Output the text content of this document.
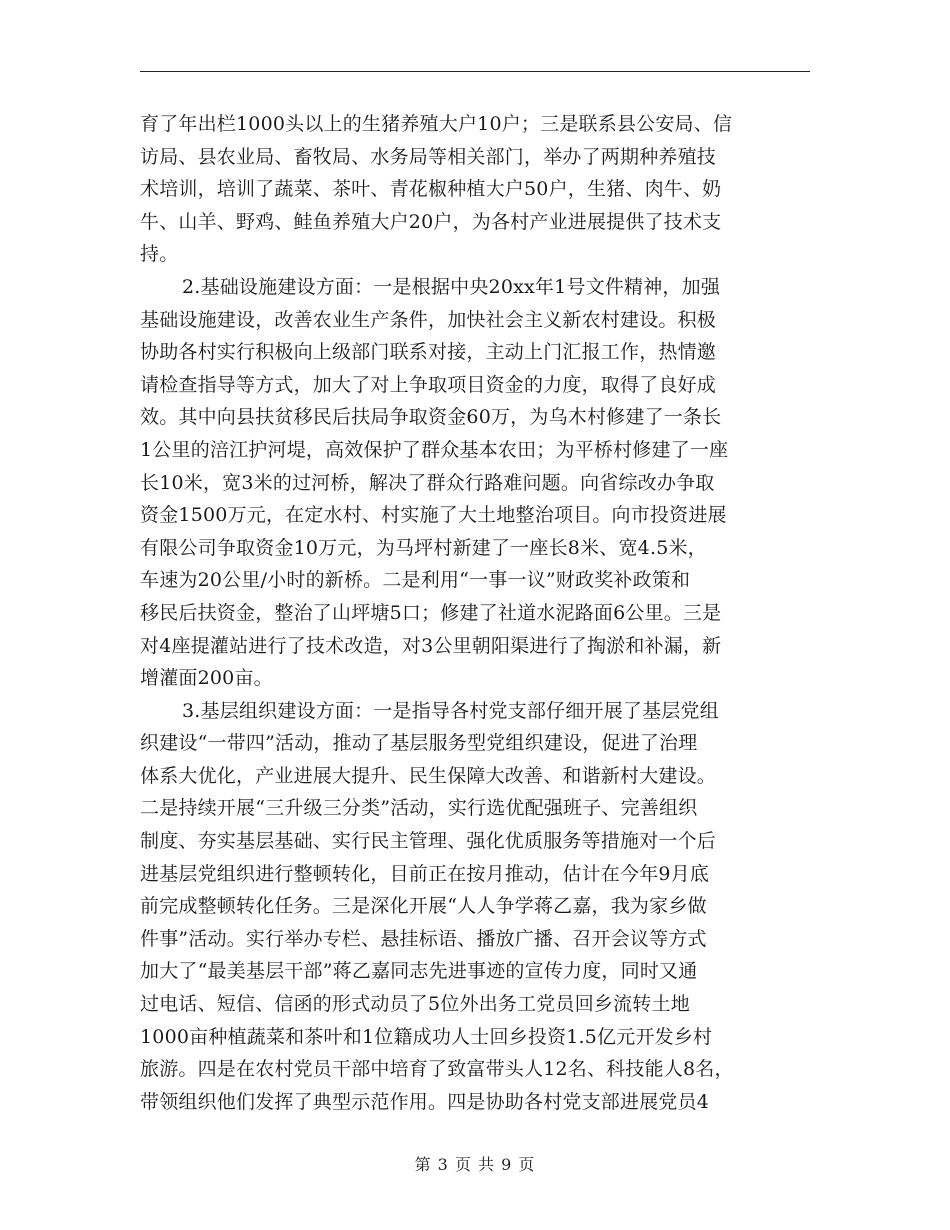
育了年出栏1000头以上的生猪养殖大户10户；三是联系县公安局、信
访局、县农业局、畜牧局、水务局等相关部门，举办了两期种养殖技
术培训，培训了蔬菜、茶叶、青花椒种植大户50户，生猪、肉牛、奶
牛、山羊、野鸡、鲑鱼养殖大户20户，为各村产业进展提供了技术支
持。
2.基础设施建设方面：一是根据中央20xx年1号文件精神，加强
基础设施建设，改善农业生产条件，加快社会主义新农村建设。积极
协助各村实行积极向上级部门联系对接，主动上门汇报工作，热情邀
请检查指导等方式，加大了对上争取项目资金的力度，取得了良好成
效。其中向县扶贫移民后扶局争取资金60万，为乌木村修建了一条长
1公里的涪江护河堤，高效保护了群众基本农田；为平桥村修建了一座
长10米，宽3米的过河桥，解决了群众行路难问题。向省综改办争取
资金1500万元，在定水村、村实施了大土地整治项目。向市投资进展
有限公司争取资金10万元，为马坪村新建了一座长8米、宽4.5米，
车速为20公里/小时的新桥。二是利用“一事一议”财政奖补政策和
移民后扶资金，整治了山坪塘5口；修建了社道水泥路面6公里。三是
对4座提灌站进行了技术改造，对3公里朝阳渠进行了掏淤和补漏，新
增灌面200亩。
3.基层组织建设方面：一是指导各村党支部仔细开展了基层党组
织建设“一带四”活动，推动了基层服务型党组织建设，促进了治理
体系大优化，产业进展大提升、民生保障大改善、和谐新村大建设。
二是持续开展“三升级三分类”活动，实行选优配强班子、完善组织
制度、夯实基层基础、实行民主管理、强化优质服务等措施对一个后
进基层党组织进行整顿转化，目前正在按月推动，估计在今年9月底
前完成整顿转化任务。三是深化开展“人人争学蒋乙嘉，我为家乡做
件事”活动。实行举办专栏、悬挂标语、播放广播、召开会议等方式
加大了“最美基层干部”蒋乙嘉同志先进事迹的宣传力度，同时又通
过电话、短信、信函的形式动员了5位外出务工党员回乡流转土地
1000亩种植蔬菜和茶叶和1位籍成功人士回乡投资1.5亿元开发乡村
旅游。四是在农村党员干部中培育了致富带头人12名、科技能人8名，
带领组织他们发挥了典型示范作用。四是协助各村党支部进展党员4
第 3 页 共 9 页
